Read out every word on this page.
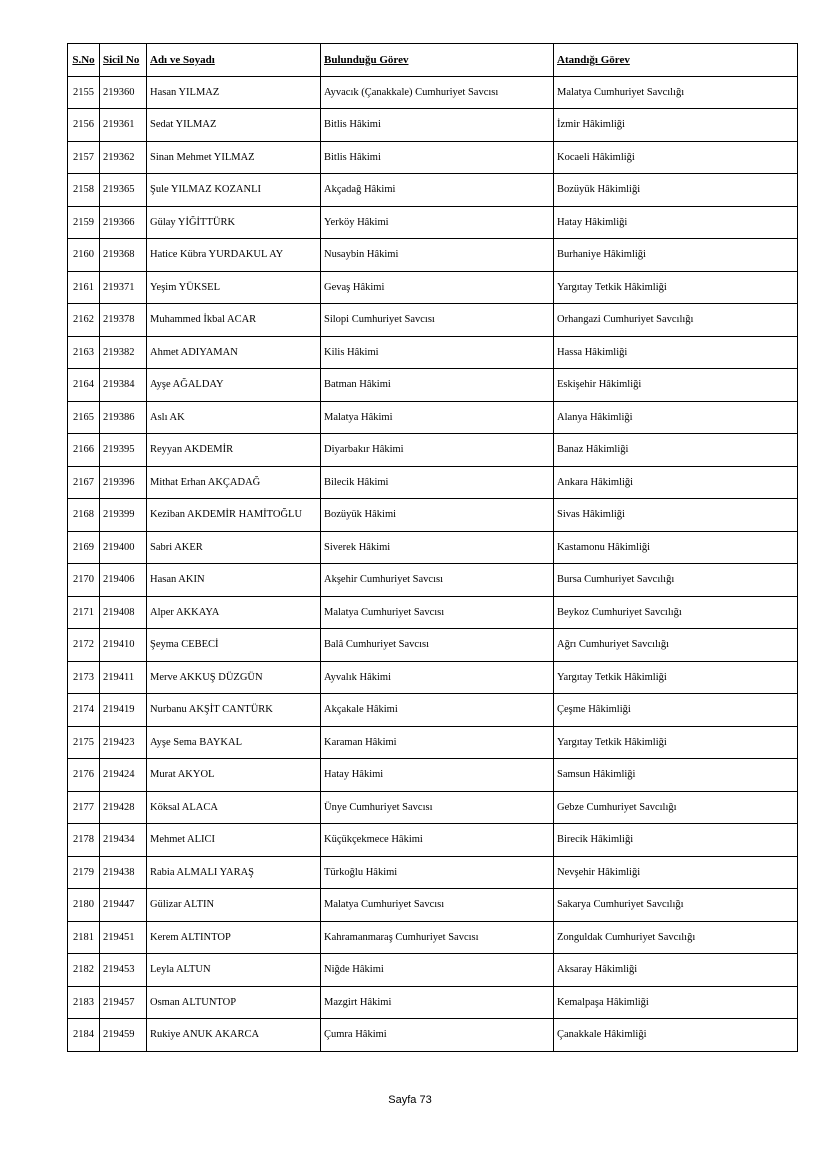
S.No	Sicil No	Adı ve Soyadı	Bulunduğu Görev	Atandığı Görev
2155	219360	Hasan YILMAZ	Ayvacık (Çanakkale) Cumhuriyet Savcısı	Malatya Cumhuriyet Savcılığı
2156	219361	Sedat YILMAZ	Bitlis Hâkimi	İzmir Hâkimliği
2157	219362	Sinan Mehmet YILMAZ	Bitlis Hâkimi	Kocaeli Hâkimliği
2158	219365	Şule YILMAZ KOZANLI	Akçadağ Hâkimi	Bozüyük Hâkimliği
2159	219366	Gülay YİĞİTTÜRK	Yerköy Hâkimi	Hatay Hâkimliği
2160	219368	Hatice Kübra YURDAKUL AY	Nusaybin Hâkimi	Burhaniye Hâkimliği
2161	219371	Yeşim YÜKSEL	Gevaş Hâkimi	Yargıtay Tetkik Hâkimliği
2162	219378	Muhammed İkbal ACAR	Silopi Cumhuriyet Savcısı	Orhangazi Cumhuriyet Savcılığı
2163	219382	Ahmet ADIYAMAN	Kilis Hâkimi	Hassa Hâkimliği
2164	219384	Ayşe AĞALDAY	Batman Hâkimi	Eskişehir Hâkimliği
2165	219386	Aslı AK	Malatya Hâkimi	Alanya Hâkimliği
2166	219395	Reyyan AKDEMİR	Diyarbakır Hâkimi	Banaz Hâkimliği
2167	219396	Mithat Erhan AKÇADAĞ	Bilecik Hâkimi	Ankara Hâkimliği
2168	219399	Keziban AKDEMİR HAMİTOĞLU	Bozüyük Hâkimi	Sivas Hâkimliği
2169	219400	Sabri AKER	Siverek Hâkimi	Kastamonu Hâkimliği
2170	219406	Hasan AKIN	Akşehir Cumhuriyet Savcısı	Bursa Cumhuriyet Savcılığı
2171	219408	Alper AKKAYA	Malatya Cumhuriyet Savcısı	Beykoz Cumhuriyet Savcılığı
2172	219410	Şeyma CEBECİ	Balâ Cumhuriyet Savcısı	Ağrı Cumhuriyet Savcılığı
2173	219411	Merve AKKUŞ DÜZGÜN	Ayvalık Hâkimi	Yargıtay Tetkik Hâkimliği
2174	219419	Nurbanu AKŞİT CANTÜRK	Akçakale Hâkimi	Çeşme Hâkimliği
2175	219423	Ayşe Sema BAYKAL	Karaman Hâkimi	Yargıtay Tetkik Hâkimliği
2176	219424	Murat AKYOL	Hatay Hâkimi	Samsun Hâkimliği
2177	219428	Köksal ALACA	Ünye Cumhuriyet Savcısı	Gebze Cumhuriyet Savcılığı
2178	219434	Mehmet ALICI	Küçükçekmece Hâkimi	Birecik Hâkimliği
2179	219438	Rabia ALMALI YARAŞ	Türkoğlu Hâkimi	Nevşehir Hâkimliği
2180	219447	Gülizar ALTIN	Malatya Cumhuriyet Savcısı	Sakarya Cumhuriyet Savcılığı
2181	219451	Kerem ALTINTOP	Kahramanmaraş Cumhuriyet Savcısı	Zonguldak Cumhuriyet Savcılığı
2182	219453	Leyla ALTUN	Niğde Hâkimi	Aksaray Hâkimliği
2183	219457	Osman ALTUNTOP	Mazgirt Hâkimi	Kemalpaşa Hâkimliği
2184	219459	Rukiye ANUK AKARCA	Çumra Hâkimi	Çanakkale Hâkimliği
Sayfa 73
